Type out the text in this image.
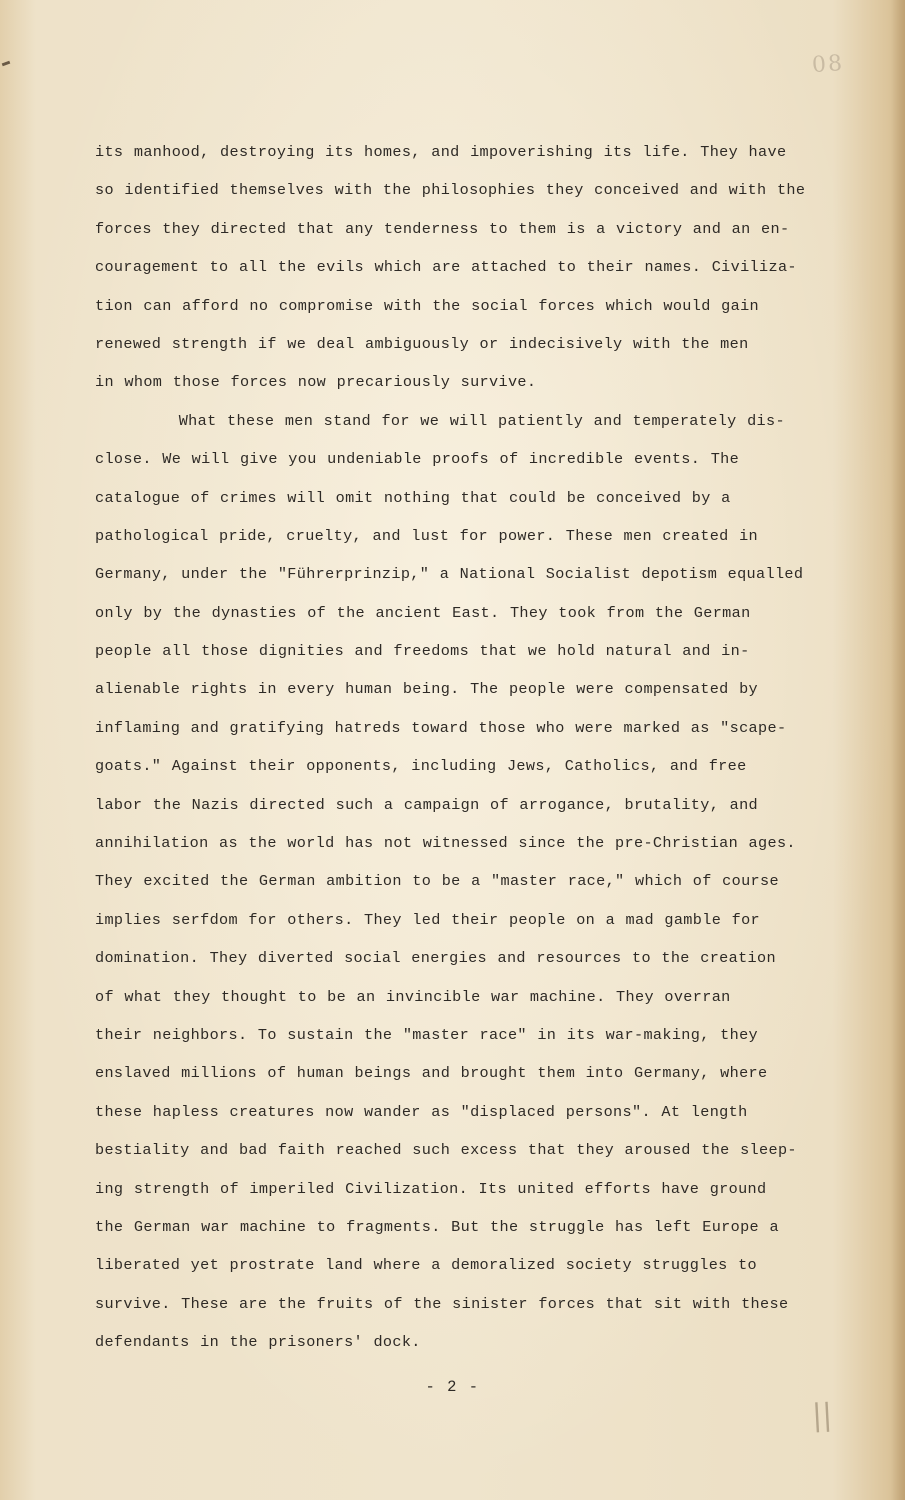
08
its manhood, destroying its homes, and impoverishing its life. They have
so identified themselves with the philosophies they conceived and with the
forces they directed that any tenderness to them is a victory and an en-
couragement to all the evils which are attached to their names. Civiliza-
tion can afford no compromise with the social forces which would gain
renewed strength if we deal ambiguously or indecisively with the men
in whom those forces now precariously survive.
What these men stand for we will patiently and temperately dis-
close. We will give you undeniable proofs of incredible events. The
catalogue of crimes will omit nothing that could be conceived by a
pathological pride, cruelty, and lust for power. These men created in
Germany, under the "Führerprinzip," a National Socialist depotism equalled
only by the dynasties of the ancient East. They took from the German
people all those dignities and freedoms that we hold natural and in-
alienable rights in every human being. The people were compensated by
inflaming and gratifying hatreds toward those who were marked as "scape-
goats." Against their opponents, including Jews, Catholics, and free
labor the Nazis directed such a campaign of arrogance, brutality, and
annihilation as the world has not witnessed since the pre-Christian ages.
They excited the German ambition to be a "master race," which of course
implies serfdom for others. They led their people on a mad gamble for
domination. They diverted social energies and resources to the creation
of what they thought to be an invincible war machine. They overran
their neighbors. To sustain the "master race" in its war-making, they
enslaved millions of human beings and brought them into Germany, where
these hapless creatures now wander as "displaced persons". At length
bestiality and bad faith reached such excess that they aroused the sleep-
ing strength of imperiled Civilization. Its united efforts have ground
the German war machine to fragments. But the struggle has left Europe a
liberated yet prostrate land where a demoralized society struggles to
survive. These are the fruits of the sinister forces that sit with these
defendants in the prisoners' dock.
- 2 -
||
